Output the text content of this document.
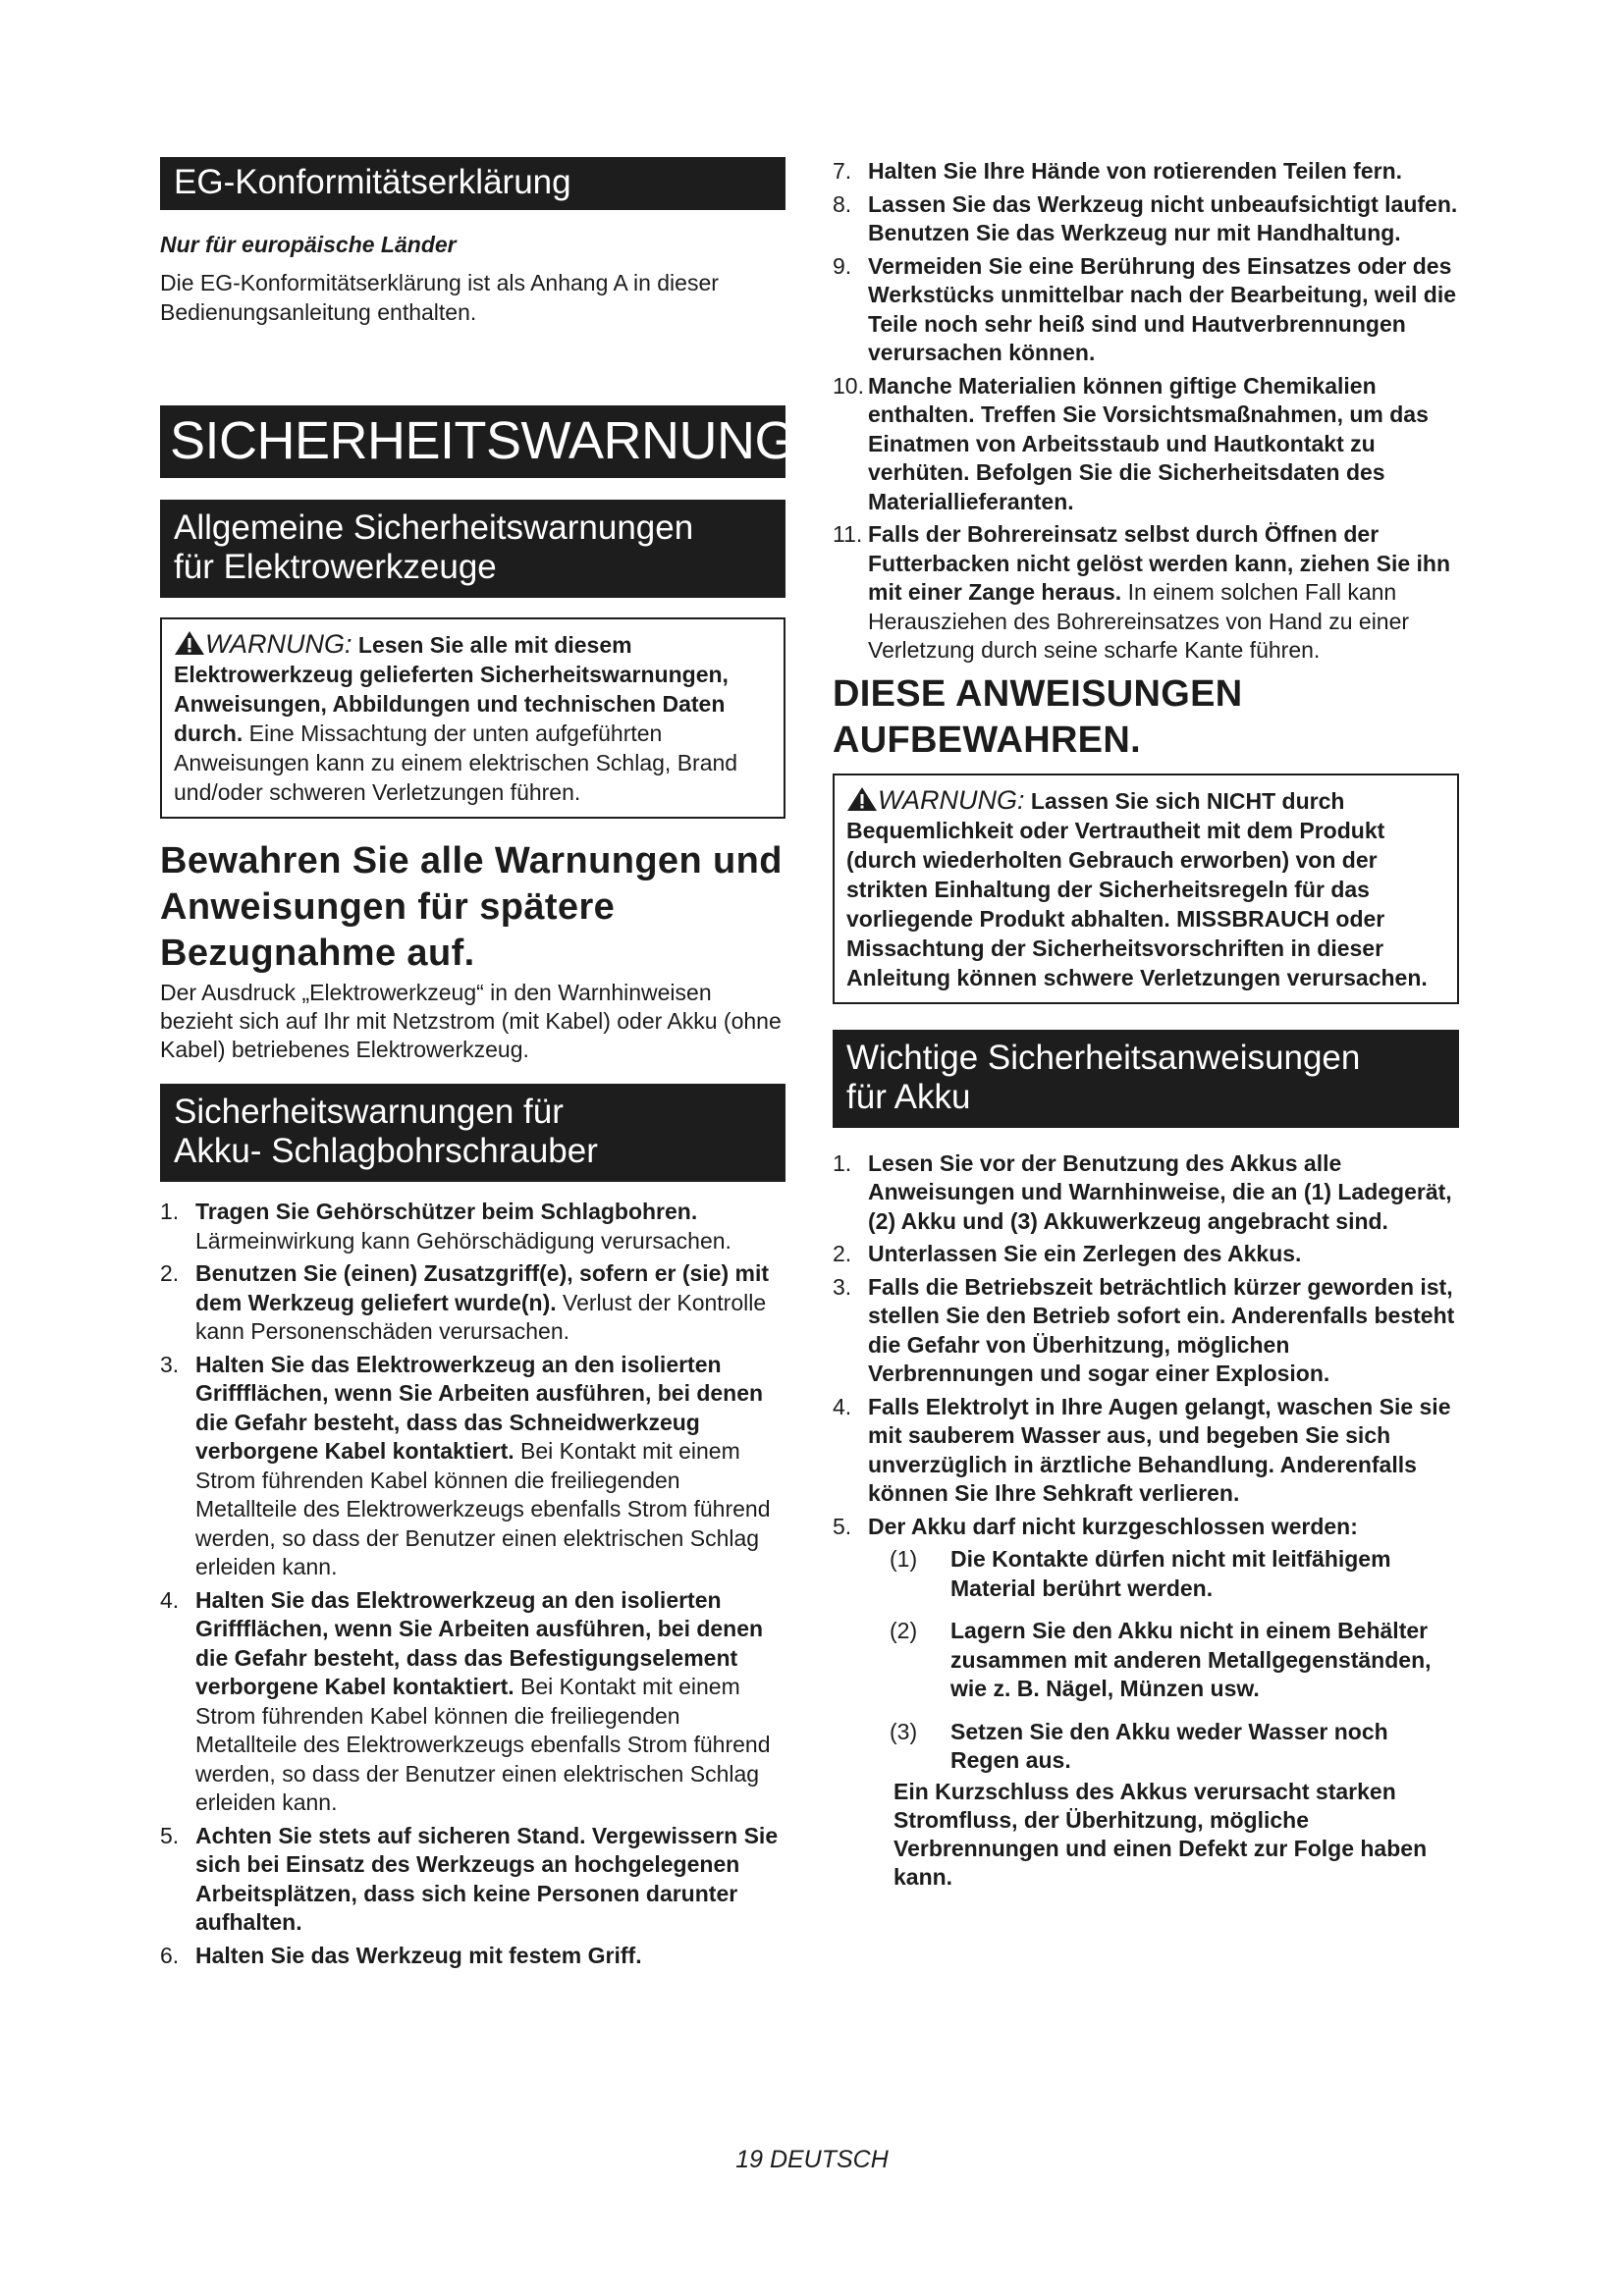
EG-Konformitätserklärung
Nur für europäische Länder
Die EG-Konformitätserklärung ist als Anhang A in dieser Bedienungsanleitung enthalten.
SICHERHEITSWARNUNGEN
Allgemeine Sicherheitswarnungen
für Elektrowerkzeuge
WARNUNG: Lesen Sie alle mit diesem Elektrowerkzeug gelieferten Sicherheitswarnungen, Anweisungen, Abbildungen und technischen Daten durch. Eine Missachtung der unten aufgeführten Anweisungen kann zu einem elektrischen Schlag, Brand und/oder schweren Verletzungen führen.
Bewahren Sie alle Warnungen und Anweisungen für spätere Bezugnahme auf.
Der Ausdruck „Elektrowerkzeug“ in den Warnhinweisen bezieht sich auf Ihr mit Netzstrom (mit Kabel) oder Akku (ohne Kabel) betriebenes Elektrowerkzeug.
Sicherheitswarnungen für
Akku- Schlagbohrschrauber
1. Tragen Sie Gehörschützer beim Schlagbohren. Lärmeinwirkung kann Gehörschädigung verursachen.
2. Benutzen Sie (einen) Zusatzgriff(e), sofern er (sie) mit dem Werkzeug geliefert wurde(n). Verlust der Kontrolle kann Personenschäden verursachen.
3. Halten Sie das Elektrowerkzeug an den isolierten Griffflächen, wenn Sie Arbeiten ausführen, bei denen die Gefahr besteht, dass das Schneidwerkzeug verborgene Kabel kontaktiert. Bei Kontakt mit einem Strom führenden Kabel können die freiliegenden Metallteile des Elektrowerkzeugs ebenfalls Strom führend werden, so dass der Benutzer einen elektrischen Schlag erleiden kann.
4. Halten Sie das Elektrowerkzeug an den isolierten Griffflächen, wenn Sie Arbeiten ausführen, bei denen die Gefahr besteht, dass das Befestigungselement verborgene Kabel kontaktiert. Bei Kontakt mit einem Strom führenden Kabel können die freiliegenden Metallteile des Elektrowerkzeugs ebenfalls Strom führend werden, so dass der Benutzer einen elektrischen Schlag erleiden kann.
5. Achten Sie stets auf sicheren Stand. Vergewissern Sie sich bei Einsatz des Werkzeugs an hochgelegenen Arbeitsplätzen, dass sich keine Personen darunter aufhalten.
6. Halten Sie das Werkzeug mit festem Griff.
7. Halten Sie Ihre Hände von rotierenden Teilen fern.
8. Lassen Sie das Werkzeug nicht unbeaufsichtigt laufen. Benutzen Sie das Werkzeug nur mit Handhaltung.
9. Vermeiden Sie eine Berührung des Einsatzes oder des Werkstücks unmittelbar nach der Bearbeitung, weil die Teile noch sehr heiß sind und Hautverbrennungen verursachen können.
10. Manche Materialien können giftige Chemikalien enthalten. Treffen Sie Vorsichtsmaßnahmen, um das Einatmen von Arbeitsstaub und Hautkontakt zu verhüten. Befolgen Sie die Sicherheitsdaten des Materiallieferanten.
11. Falls der Bohrereinsatz selbst durch Öffnen der Futterbacken nicht gelöst werden kann, ziehen Sie ihn mit einer Zange heraus. In einem solchen Fall kann Herausziehen des Bohrereinsatzes von Hand zu einer Verletzung durch seine scharfe Kante führen.
DIESE ANWEISUNGEN AUFBEWAHREN.
WARNUNG: Lassen Sie sich NICHT durch Bequemlichkeit oder Vertrautheit mit dem Produkt (durch wiederholten Gebrauch erworben) von der strikten Einhaltung der Sicherheitsregeln für das vorliegende Produkt abhalten. MISSBRAUCH oder Missachtung der Sicherheitsvorschriften in dieser Anleitung können schwere Verletzungen verursachen.
Wichtige Sicherheitsanweisungen
für Akku
1. Lesen Sie vor der Benutzung des Akkus alle Anweisungen und Warnhinweise, die an (1) Ladegerät, (2) Akku und (3) Akkuwerkzeug angebracht sind.
2. Unterlassen Sie ein Zerlegen des Akkus.
3. Falls die Betriebszeit beträchtlich kürzer geworden ist, stellen Sie den Betrieb sofort ein. Anderenfalls besteht die Gefahr von Überhitzung, möglichen Verbrennungen und sogar einer Explosion.
4. Falls Elektrolyt in Ihre Augen gelangt, waschen Sie sie mit sauberem Wasser aus, und begeben Sie sich unverzüglich in ärztliche Behandlung. Anderenfalls können Sie Ihre Sehkraft verlieren.
5. Der Akku darf nicht kurzgeschlossen werden:
(1) Die Kontakte dürfen nicht mit leitfähigem Material berührt werden.
(2) Lagern Sie den Akku nicht in einem Behälter zusammen mit anderen Metallgegenständen, wie z. B. Nägel, Münzen usw.
(3) Setzen Sie den Akku weder Wasser noch Regen aus.
Ein Kurzschluss des Akkus verursacht starken Stromfluss, der Überhitzung, mögliche Verbrennungen und einen Defekt zur Folge haben kann.
19 DEUTSCH
